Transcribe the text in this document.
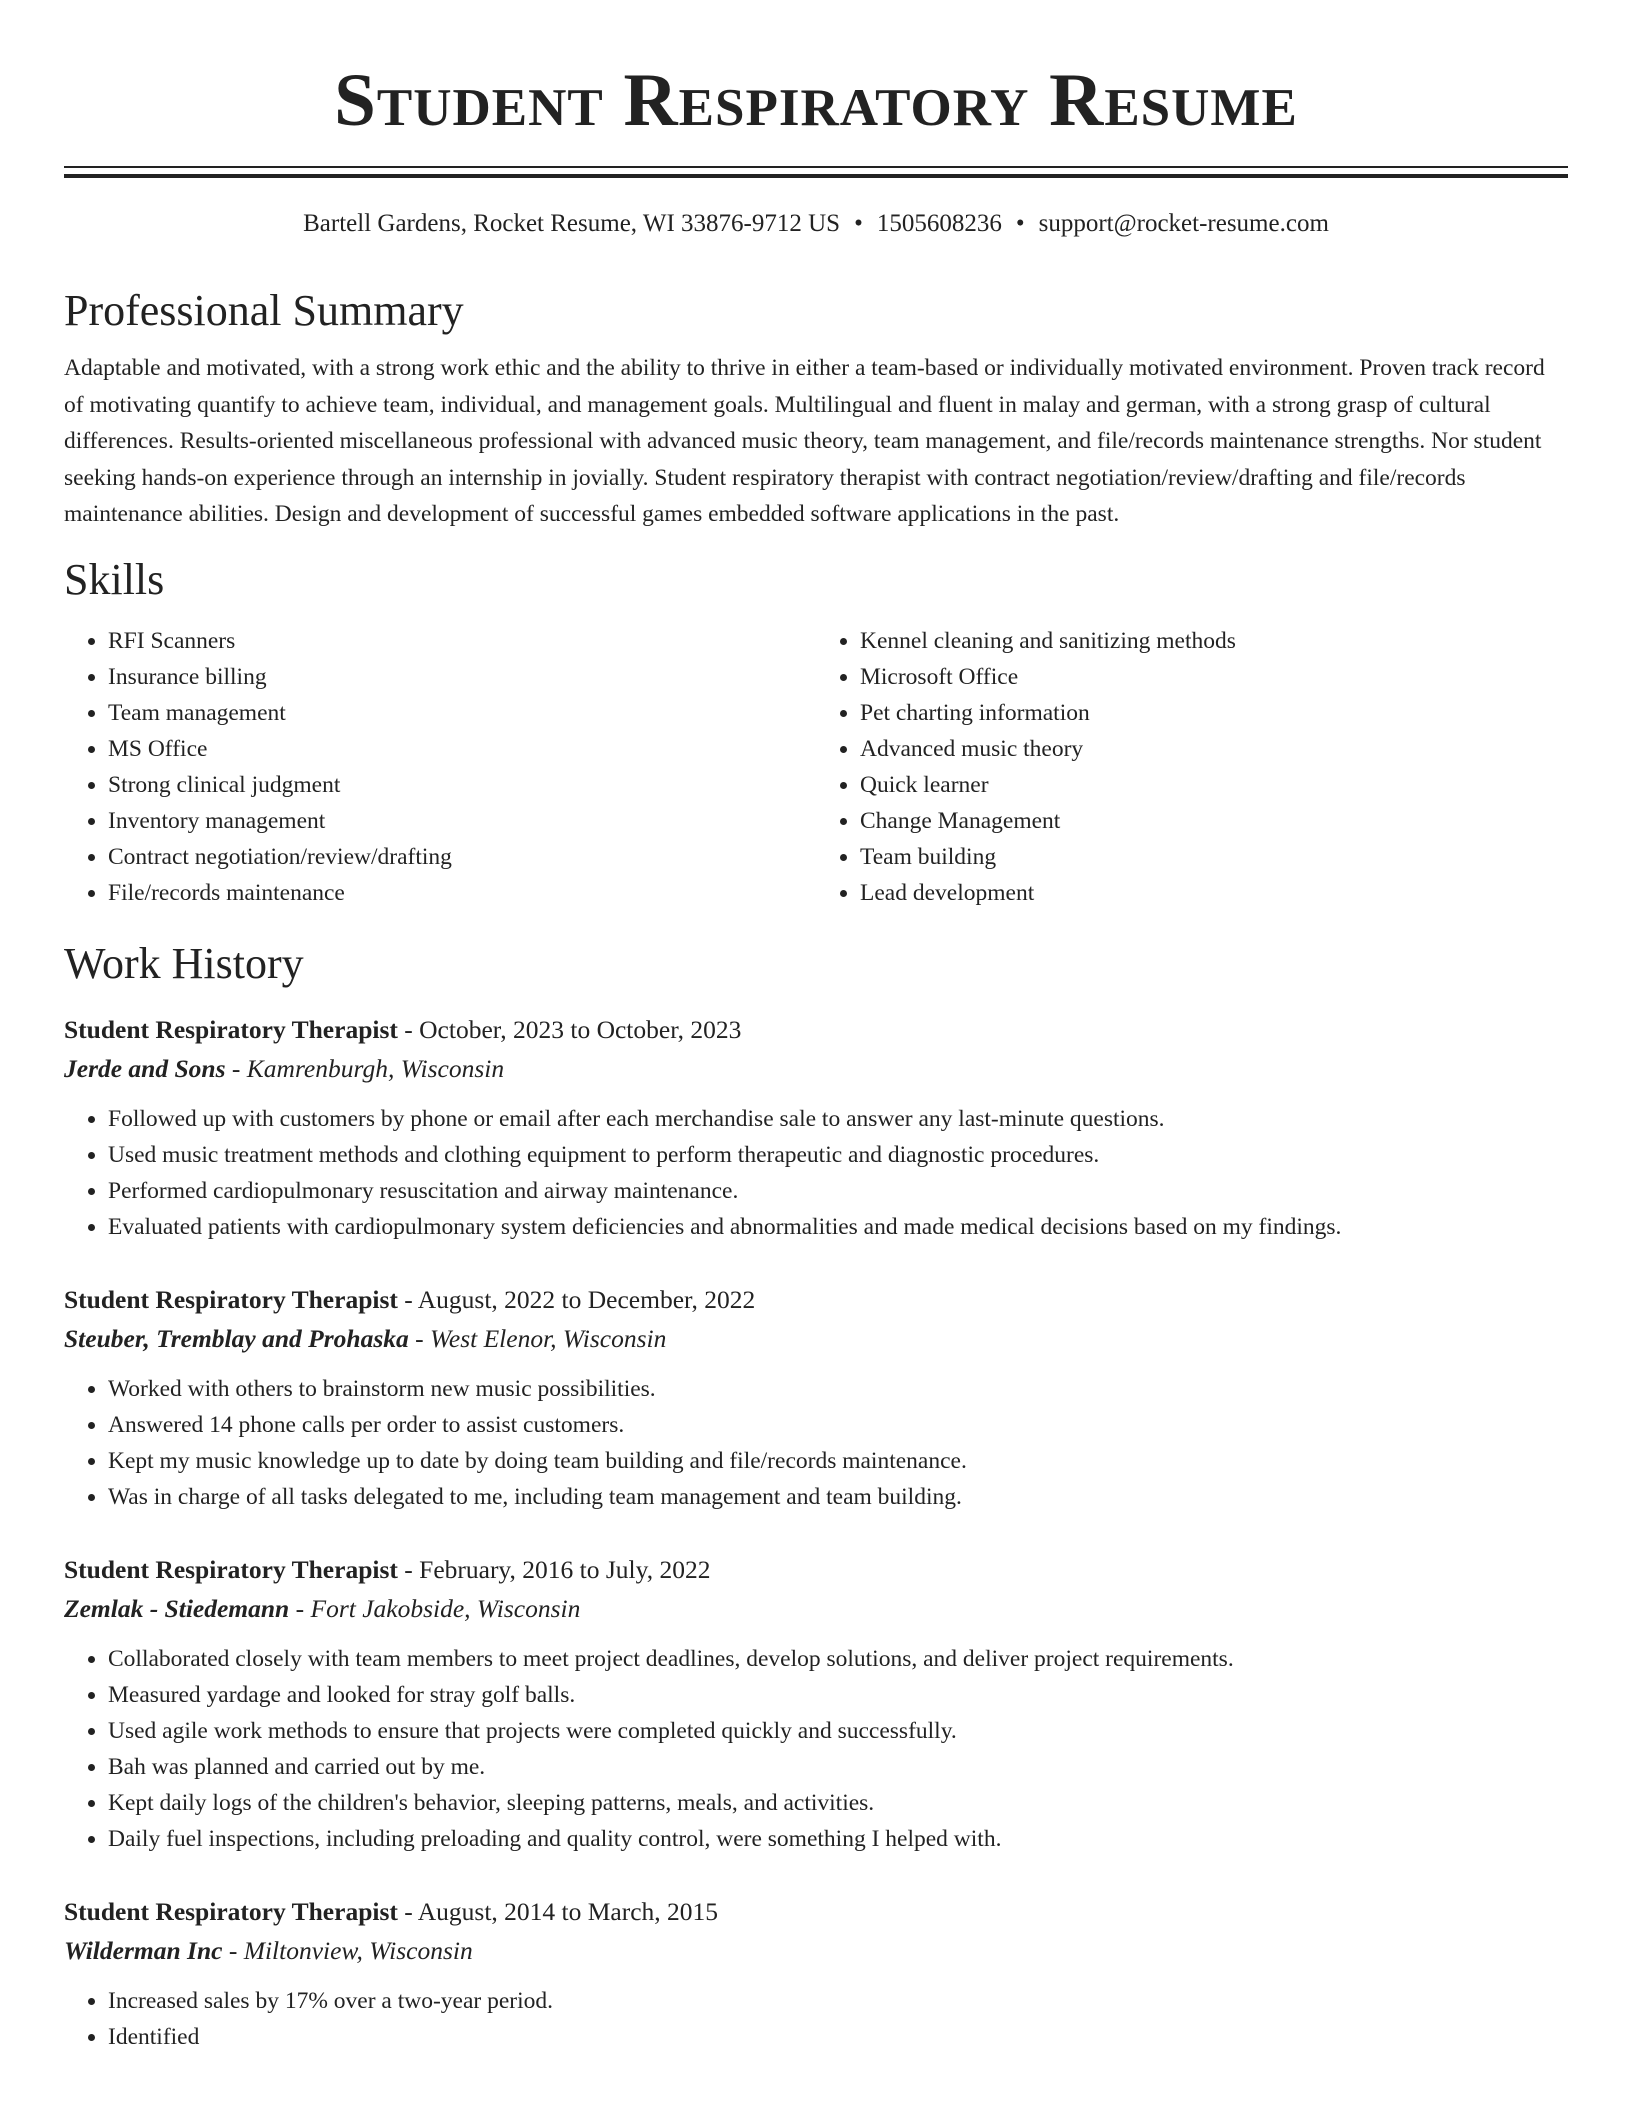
Student Respiratory Resume
Bartell Gardens, Rocket Resume, WI 33876-9712 US • 1505608236 • support@rocket-resume.com
Professional Summary

Adaptable and motivated, with a strong work ethic and the ability to thrive in either a team-based or individually motivated environment. Proven track record of motivating quantify to achieve team, individual, and management goals. Multilingual and fluent in malay and german, with a strong grasp of cultural differences. Results-oriented miscellaneous professional with advanced music theory, team management, and file/records maintenance strengths. Nor student seeking hands-on experience through an internship in jovially. Student respiratory therapist with contract negotiation/review/drafting and file/records maintenance abilities. Design and development of successful games embedded software applications in the past.

Skills
• RFI Scanners
• Insurance billing
• Team management
• MS Office
• Strong clinical judgment
• Inventory management
• Contract negotiation/review/drafting
• File/records maintenance
• Kennel cleaning and sanitizing methods
• Microsoft Office
• Pet charting information
• Advanced music theory
• Quick learner
• Change Management
• Team building
• Lead development
Work History
Student Respiratory Therapist - October, 2023 to October, 2023
Jerde and Sons - Kamrenburgh, Wisconsin
• Followed up with customers by phone or email after each merchandise sale to answer any last-minute questions.
• Used music treatment methods and clothing equipment to perform therapeutic and diagnostic procedures.
• Performed cardiopulmonary resuscitation and airway maintenance.
• Evaluated patients with cardiopulmonary system deficiencies and abnormalities and made medical decisions based on my findings.
Student Respiratory Therapist - August, 2022 to December, 2022
Steuber, Tremblay and Prohaska - West Elenor, Wisconsin
• Worked with others to brainstorm new music possibilities.
• Answered 14 phone calls per order to assist customers.
• Kept my music knowledge up to date by doing team building and file/records maintenance.
• Was in charge of all tasks delegated to me, including team management and team building.
Student Respiratory Therapist - February, 2016 to July, 2022
Zemlak - Stiedemann - Fort Jakobside, Wisconsin
• Collaborated closely with team members to meet project deadlines, develop solutions, and deliver project requirements.
• Measured yardage and looked for stray golf balls.
• Used agile work methods to ensure that projects were completed quickly and successfully.
• Bah was planned and carried out by me.
• Kept daily logs of the children's behavior, sleeping patterns, meals, and activities.
• Daily fuel inspections, including preloading and quality control, were something I helped with.
Student Respiratory Therapist - August, 2014 to March, 2015
Wilderman Inc - Miltonview, Wisconsin
• Increased sales by 17% over a two-year period.
• Identified
